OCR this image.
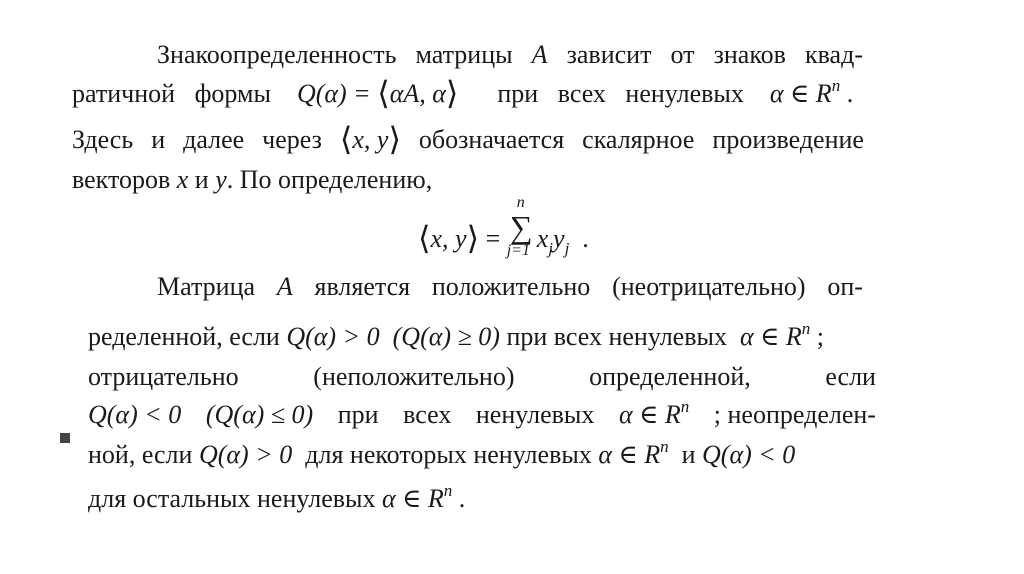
Знакоопределенность матрицы A зависит от знаков квад-
ратичной формы Q(α) = ⟨αA, α⟩ при всех ненулевых α ∈ $R^n$ .
Здесь и далее через ⟨x, y⟩ обозначается скалярное произведение
векторов x и y. По определению,
⟨x, y⟩ =
n
∑
j=1 $x_jy_j$ .
Матрица A является положительно (неотрицательно) оп-
ределенной, если Q(α) > 0 (Q(α) ≥ 0) при всех ненулевых α ∈ $R^n$ ;
отрицательно	(неположительно)	определенной,	если
Q(α) < 0 (Q(α) ≤ 0) при всех ненулевых α ∈ $R^n$ ; неопределен-
ной, если Q(α) > 0 для некоторых ненулевых α ∈ $R^n$ и Q(α) < 0
для остальных ненулевых α ∈ $R^n$ .
